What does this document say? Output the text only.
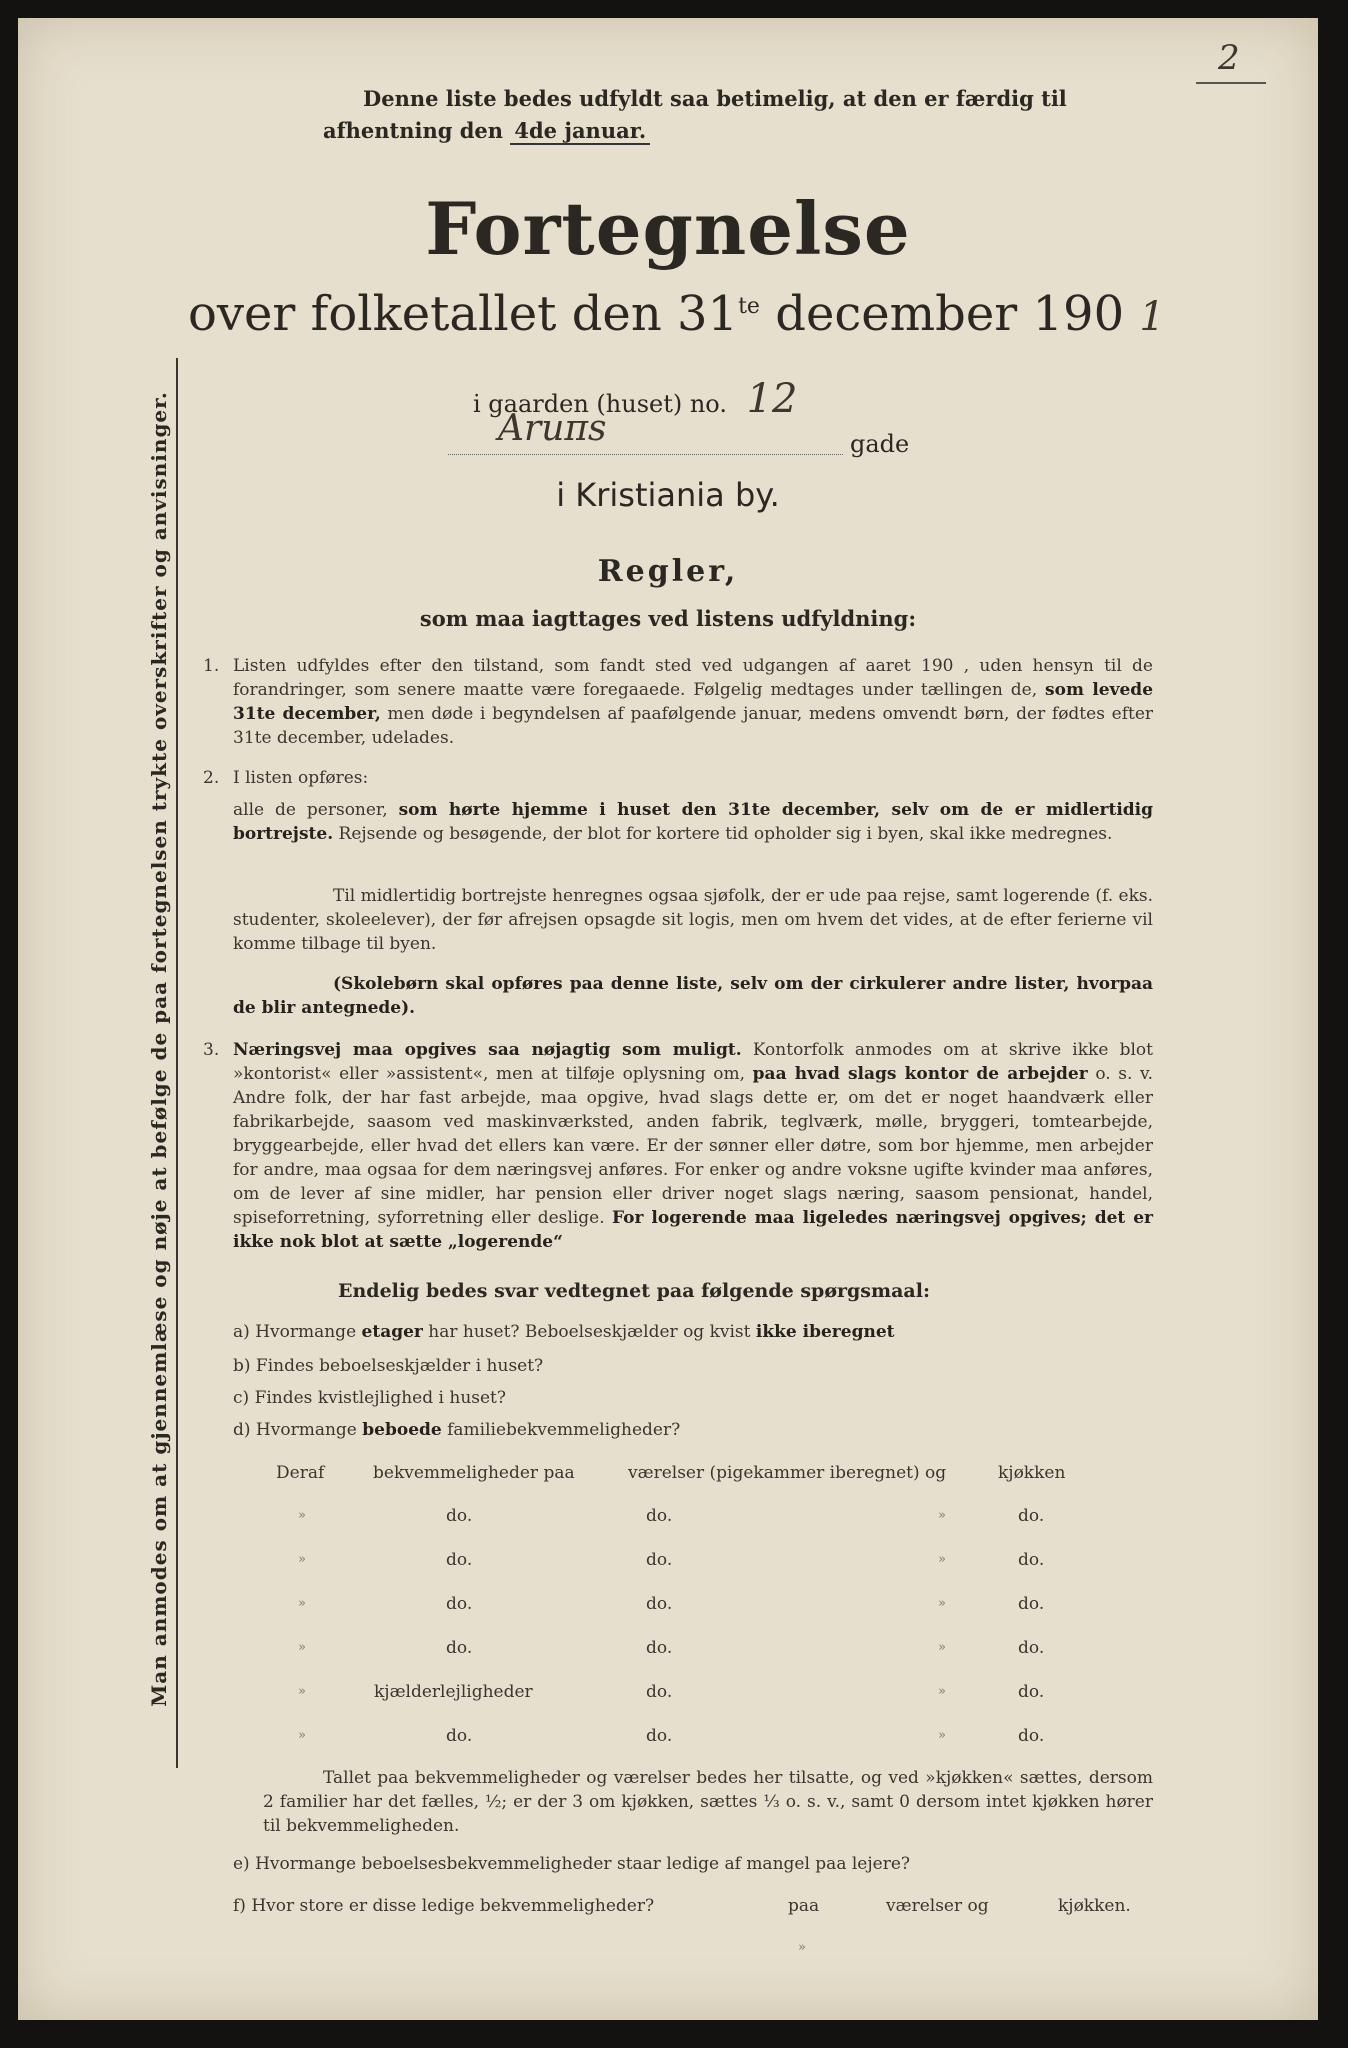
2
Denne liste bedes udfyldt saa betimelig, at den er færdig til
afhentning den 4de januar.
Fortegnelse
over folketallet den $31^{te}$ december 190 1
i gaarden (huset) no. 12
Aruπs	gade
i Kristiania by.
Regler,
som maa iagttages ved listens udfyldning:
1. Listen udfyldes efter den tilstand, som fandt sted ved udgangen af aaret 190 , uden hensyn til de forandringer, som senere maatte være foregaaede. Følgelig medtages under tællingen de, som levede 31te december, men døde i begyndelsen af paafølgende januar, medens omvendt børn, der fødtes efter 31te december, udelades.
2. I listen opføres:
alle de personer, som hørte hjemme i huset den 31te december, selv om de er midlertidig bortrejste. Rejsende og besøgende, der blot for kortere tid opholder sig i byen, skal ikke medregnes.
Til midlertidig bortrejste henregnes ogsaa sjøfolk, der er ude paa rejse, samt logerende (f. eks. studenter, skoleelever), der før afrejsen opsagde sit logis, men om hvem det vides, at de efter ferierne vil komme tilbage til byen.
(Skolebørn skal opføres paa denne liste, selv om der cirkulerer andre lister, hvorpaa de blir antegnede).
3. Næringsvej maa opgives saa nøjagtig som muligt. Kontorfolk anmodes om at skrive ikke blot »kontorist« eller »assistent«, men at tilføje oplysning om, paa hvad slags kontor de arbejder o. s. v. Andre folk, der har fast arbejde, maa opgive, hvad slags dette er, om det er noget haandværk eller fabrikarbejde, saasom ved maskinværksted, anden fabrik, teglværk, mølle, bryggeri, tomtearbejde, bryggearbejde, eller hvad det ellers kan være. Er der sønner eller døtre, som bor hjemme, men arbejder for andre, maa ogsaa for dem næringsvej anføres. For enker og andre voksne ugifte kvinder maa anføres, om de lever af sine midler, har pension eller driver noget slags næring, saasom pensionat, handel, spiseforretning, syforretning eller deslige. For logerende maa ligeledes næringsvej opgives; det er ikke nok blot at sætte „logerende“
Endelig bedes svar vedtegnet paa følgende spørgsmaal:
a) Hvormange etager har huset? Beboelseskjælder og kvist ikke iberegnet
b) Findes beboelseskjælder i huset?
c) Findes kvistlejlighed i huset?
d) Hvormange beboede familiebekvemmeligheder?
Deraf	bekvemmeligheder paa	værelser (pigekammer iberegnet) og	kjøkken
»	do.	do.	»	do.
»	do.	do.	»	do.
»	do.	do.	»	do.
»	do.	do.	»	do.
»	kjælderlejligheder	do.	»	do.
»	do.	do.	»	do.
Tallet paa bekvemmeligheder og værelser bedes her tilsatte, og ved »kjøkken« sættes, dersom 2 familier har det fælles, ½; er der 3 om kjøkken, sættes ⅓ o. s. v., samt 0 dersom intet kjøkken hører til bekvemmeligheden.
e) Hvormange beboelsesbekvemmeligheder staar ledige af mangel paa lejere?
f) Hvor store er disse ledige bekvemmeligheder?	paa	værelser og	kjøkken.
»
Man anmodes om at gjennemlæse og nøje at befølge de paa fortegnelsen trykte overskrifter og anvisninger.
